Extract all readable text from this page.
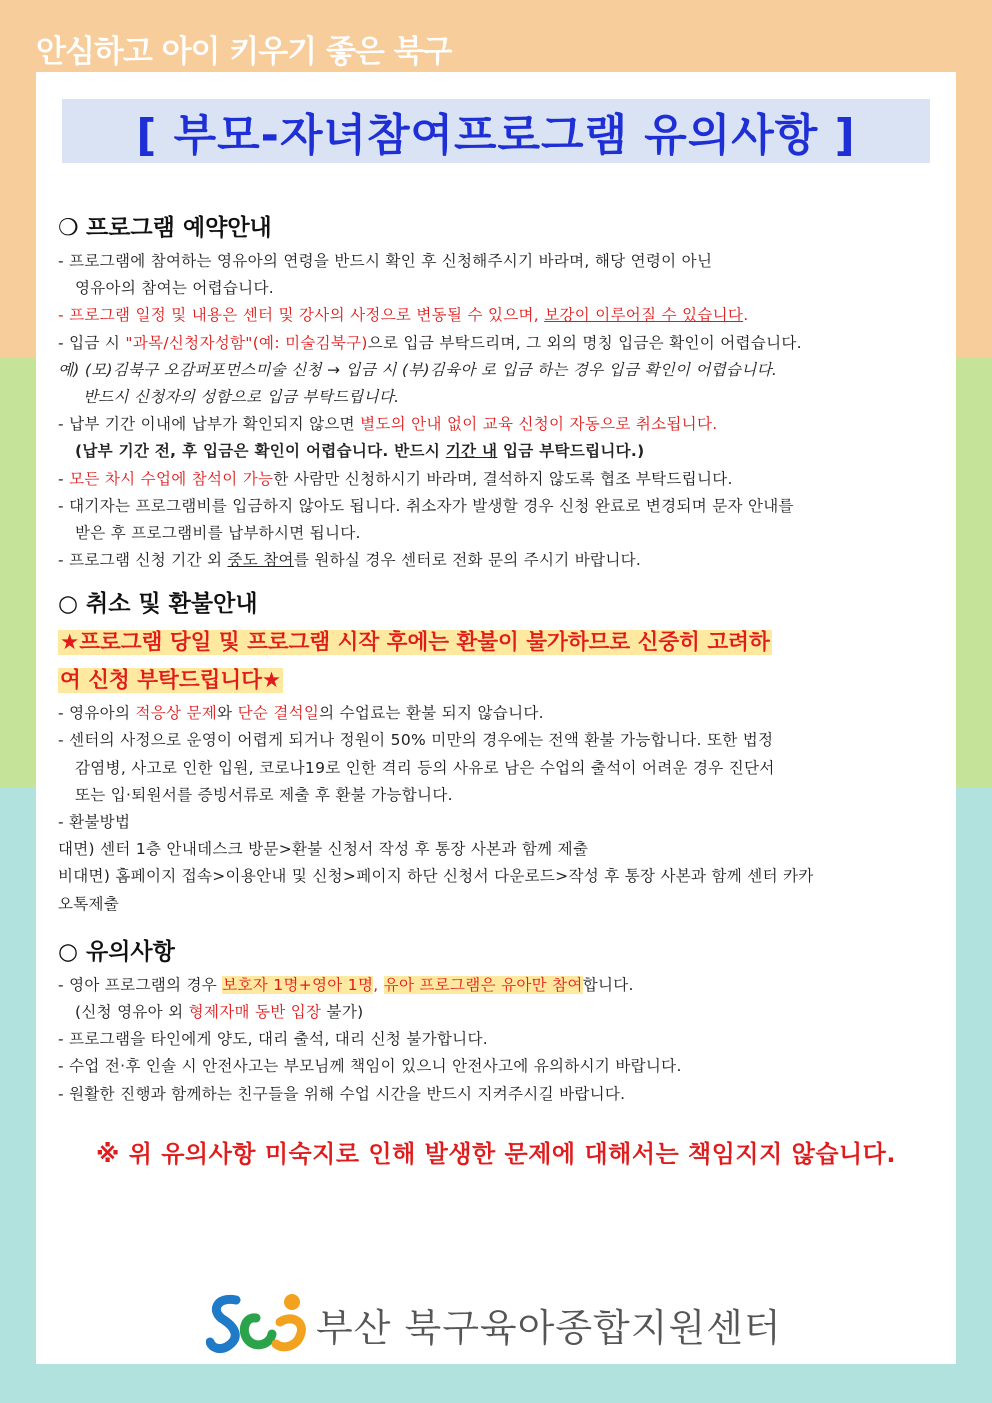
안심하고 아이 키우기 좋은 북구
[ 부모-자녀참여프로그램 유의사항 ]
❍ 프로그램 예약안내
- 프로그램에 참여하는 영유아의 연령을 반드시 확인 후 신청해주시기 바라며, 해당 연령이 아닌
영유아의 참여는 어렵습니다.
- 프로그램 일정 및 내용은 센터 및 강사의 사정으로 변동될 수 있으며, 보강이 이루어질 수 있습니다.
- 입금 시 "과목/신청자성함"(예: 미술김북구)으로 입금 부탁드리며, 그 외의 명칭 입금은 확인이 어렵습니다.
예) (모)김북구 오감퍼포먼스미술 신청 → 입금 시 (부)김육아 로 입금 하는 경우 입금 확인이 어렵습니다.
반드시 신청자의 성함으로 입금 부탁드립니다.
- 납부 기간 이내에 납부가 확인되지 않으면 별도의 안내 없이 교육 신청이 자동으로 취소됩니다.
(납부 기간 전, 후 입금은 확인이 어렵습니다. 반드시 기간 내 입금 부탁드립니다.)
- 모든 차시 수업에 참석이 가능한 사람만 신청하시기 바라며, 결석하지 않도록 협조 부탁드립니다.
- 대기자는 프로그램비를 입금하지 않아도 됩니다. 취소자가 발생할 경우 신청 완료로 변경되며 문자 안내를
받은 후 프로그램비를 납부하시면 됩니다.
- 프로그램 신청 기간 외 중도 참여를 원하실 경우 센터로 전화 문의 주시기 바랍니다.
○ 취소 및 환불안내
★프로그램 당일 및 프로그램 시작 후에는 환불이 불가하므로 신중히 고려하
여 신청 부탁드립니다★
- 영유아의 적응상 문제와 단순 결석일의 수업료는 환불 되지 않습니다.
- 센터의 사정으로 운영이 어렵게 되거나 정원이 50% 미만의 경우에는 전액 환불 가능합니다. 또한 법정
감염병, 사고로 인한 입원, 코로나19로 인한 격리 등의 사유로 남은 수업의 출석이 어려운 경우 진단서
또는 입·퇴원서를 증빙서류로 제출 후 환불 가능합니다.
- 환불방법
대면) 센터 1층 안내데스크 방문>환불 신청서 작성 후 통장 사본과 함께 제출
비대면) 홈페이지 접속>이용안내 및 신청>페이지 하단 신청서 다운로드>작성 후 통장 사본과 함께 센터 카카
오톡제출
○ 유의사항
- 영아 프로그램의 경우 보호자 1명+영아 1명, 유아 프로그램은 유아만 참여합니다.
(신청 영유아 외 형제자매 동반 입장 불가)
- 프로그램을 타인에게 양도, 대리 출석, 대리 신청 불가합니다.
- 수업 전·후 인솔 시 안전사고는 부모님께 책임이 있으니 안전사고에 유의하시기 바랍니다.
- 원활한 진행과 함께하는 친구들을 위해 수업 시간을 반드시 지켜주시길 바랍니다.
※ 위 유의사항 미숙지로 인해 발생한 문제에 대해서는 책임지지 않습니다.
부산 북구육아종합지원센터
